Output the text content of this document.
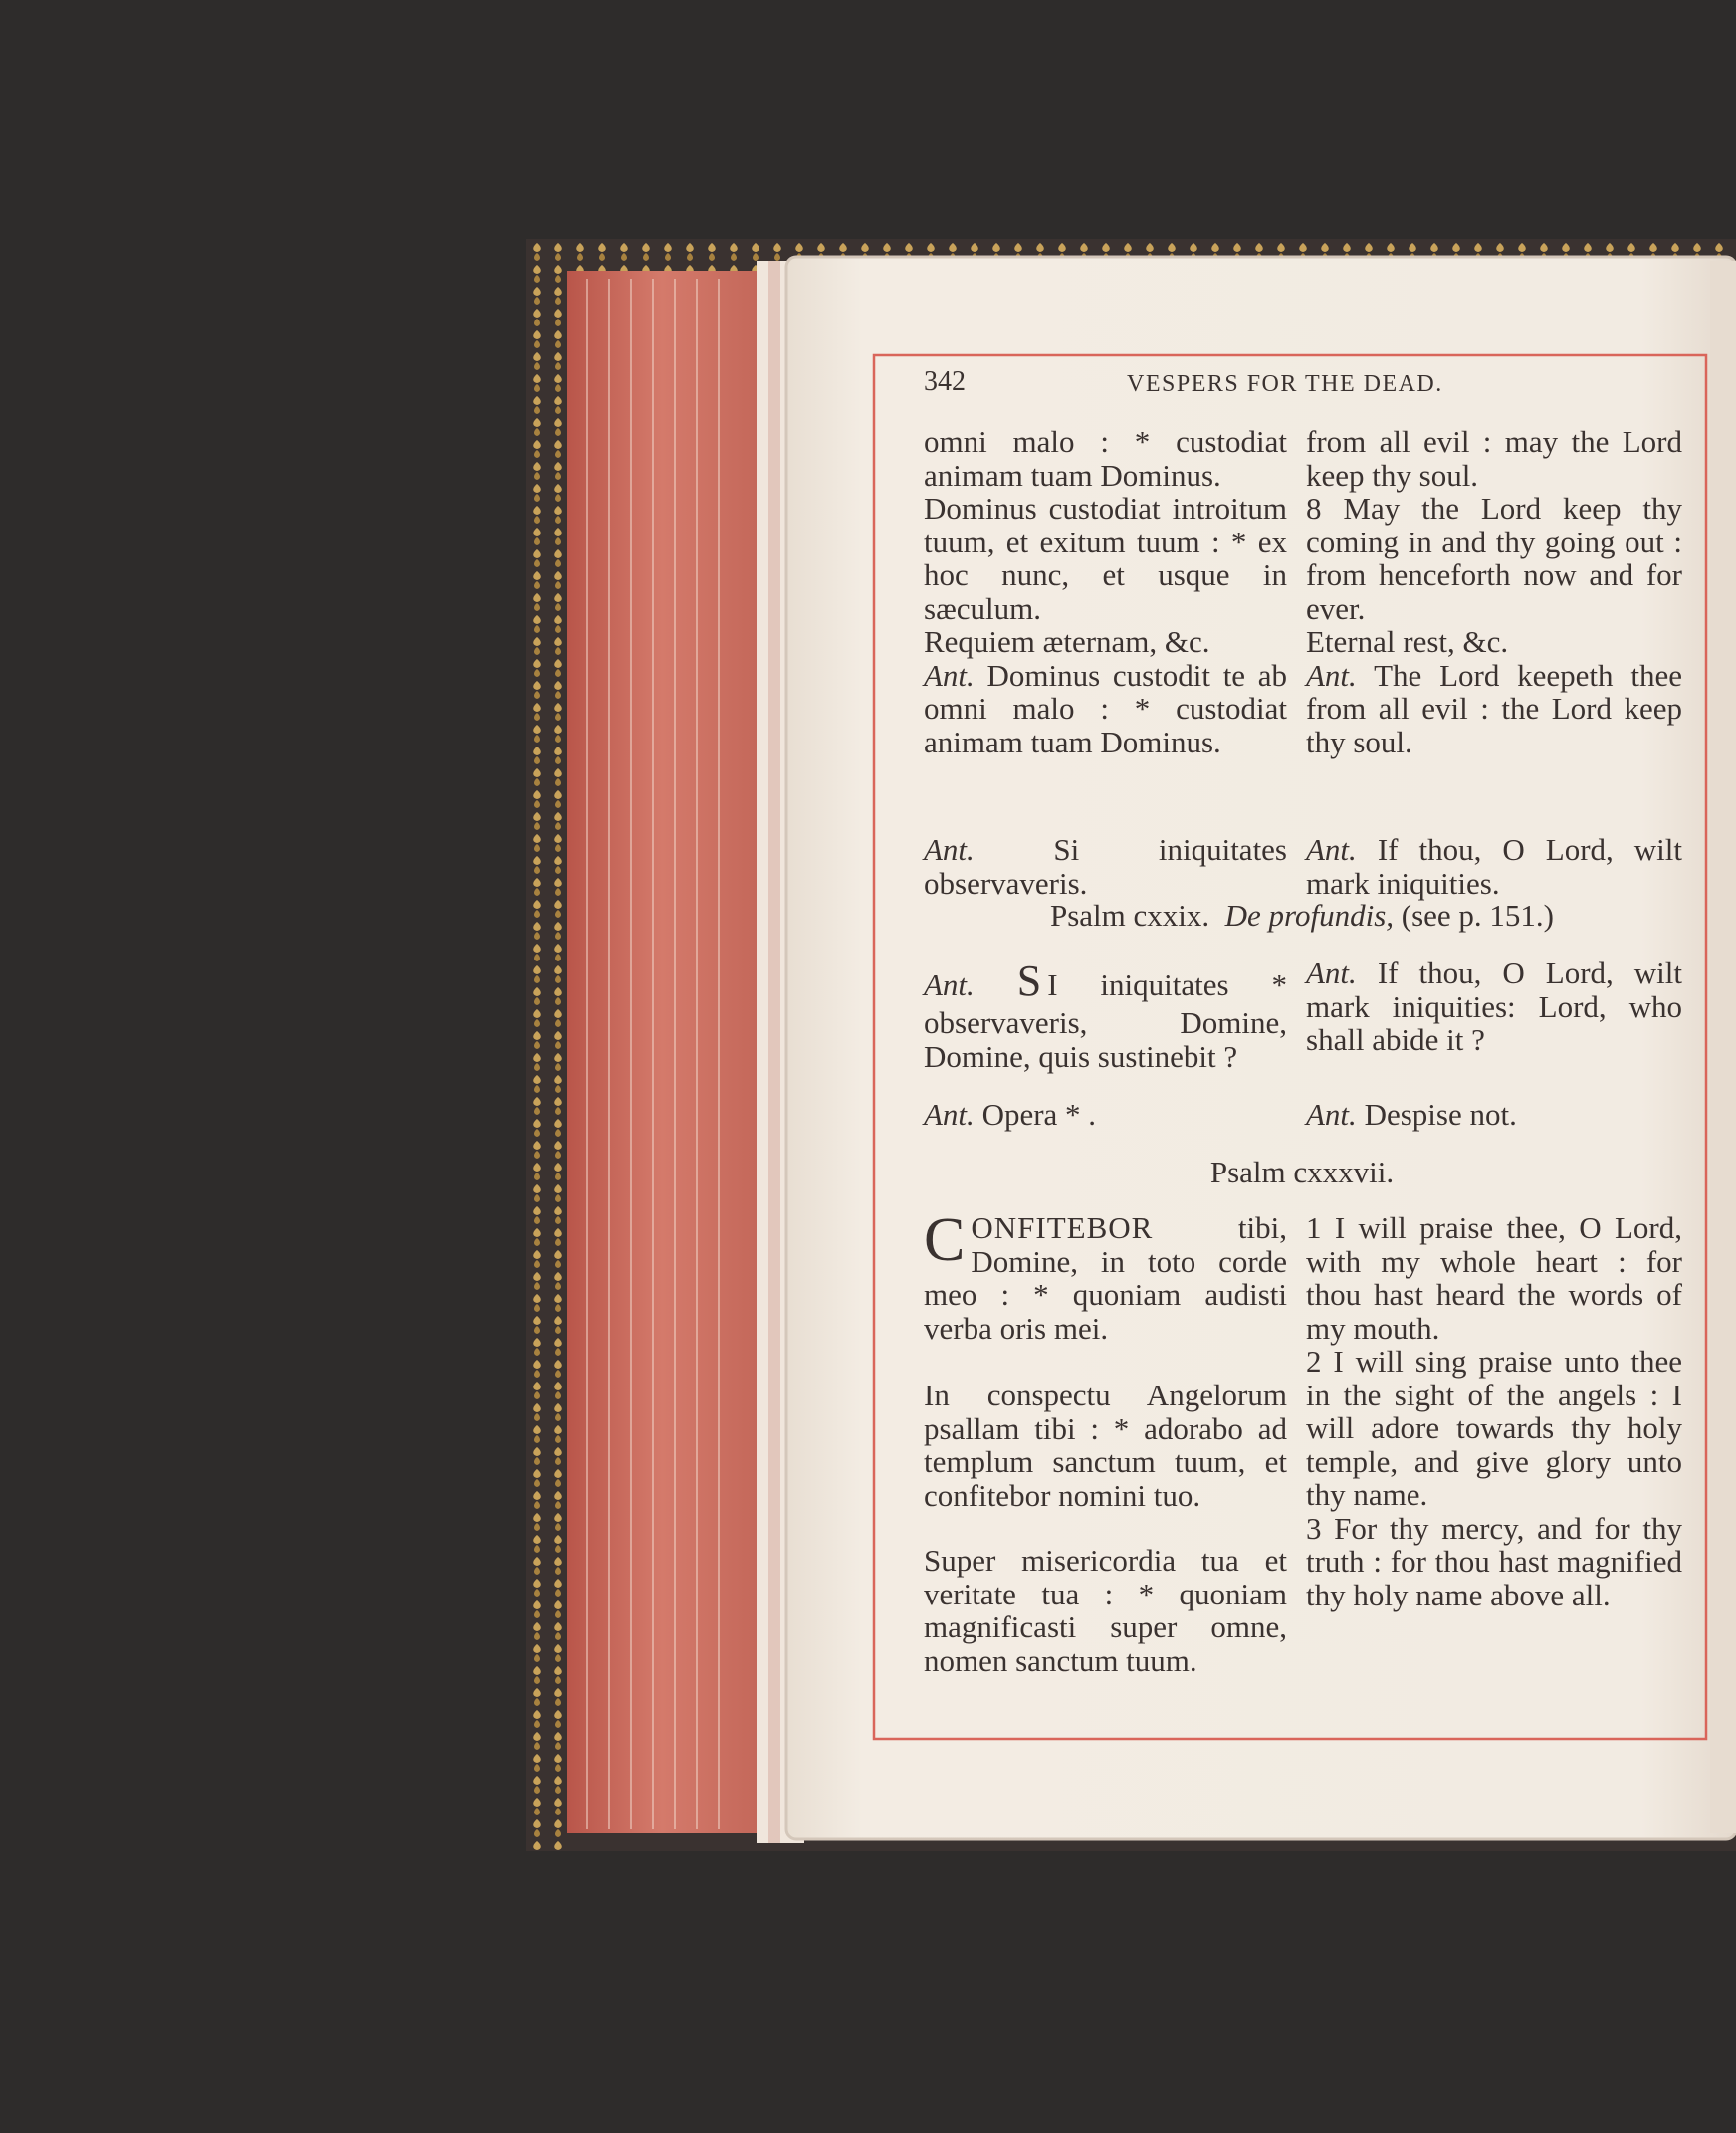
342	VESPERS FOR THE DEAD.

omni malo : * custodiat animam tuam Dominus.

Dominus custodiat introitum tuum, et exitum tuum : * ex hoc nunc, et usque in sæculum.

Requiem æternam, &c.

Ant. Dominus custodit te ab omni malo : * custodiat animam tuam Dominus.

Ant.	Si iniquitates observaveris.

Ant. S I iniquitates * observaveris, Domine, Domine, quis sustinebit ?

Ant. Opera * .

CONFITEBOR	tibi, Domine, in toto corde meo : * quoniam audisti verba oris mei.

In conspectu Angelorum psallam tibi : * adorabo ad templum sanctum tuum, et confitebor nomini tuo.

Super misericordia tua et veritate tua : * quoniam magnificasti super omne, nomen sanctum tuum.

from all evil : may the Lord keep thy soul.

8 May the Lord keep thy coming in and thy going out : from henceforth now and for ever.

Eternal rest, &c.

Ant. The Lord keepeth thee from all evil : the Lord keep thy soul.

Ant. If thou, O Lord, wilt mark iniquities.

Ant. If thou, O Lord, wilt mark iniquities: Lord, who shall abide it ?

Ant. Despise not.

1 I will praise thee, O Lord, with my whole heart : for thou hast heard the words of my mouth.

2 I will sing praise unto thee in the sight of the angels : I will adore towards thy holy temple, and give glory unto thy name.

3 For thy mercy, and for thy truth : for thou hast magnified thy holy name above all.

Psalm cxxix. De profundis, (see p. 151.)
Psalm cxxxvii.
